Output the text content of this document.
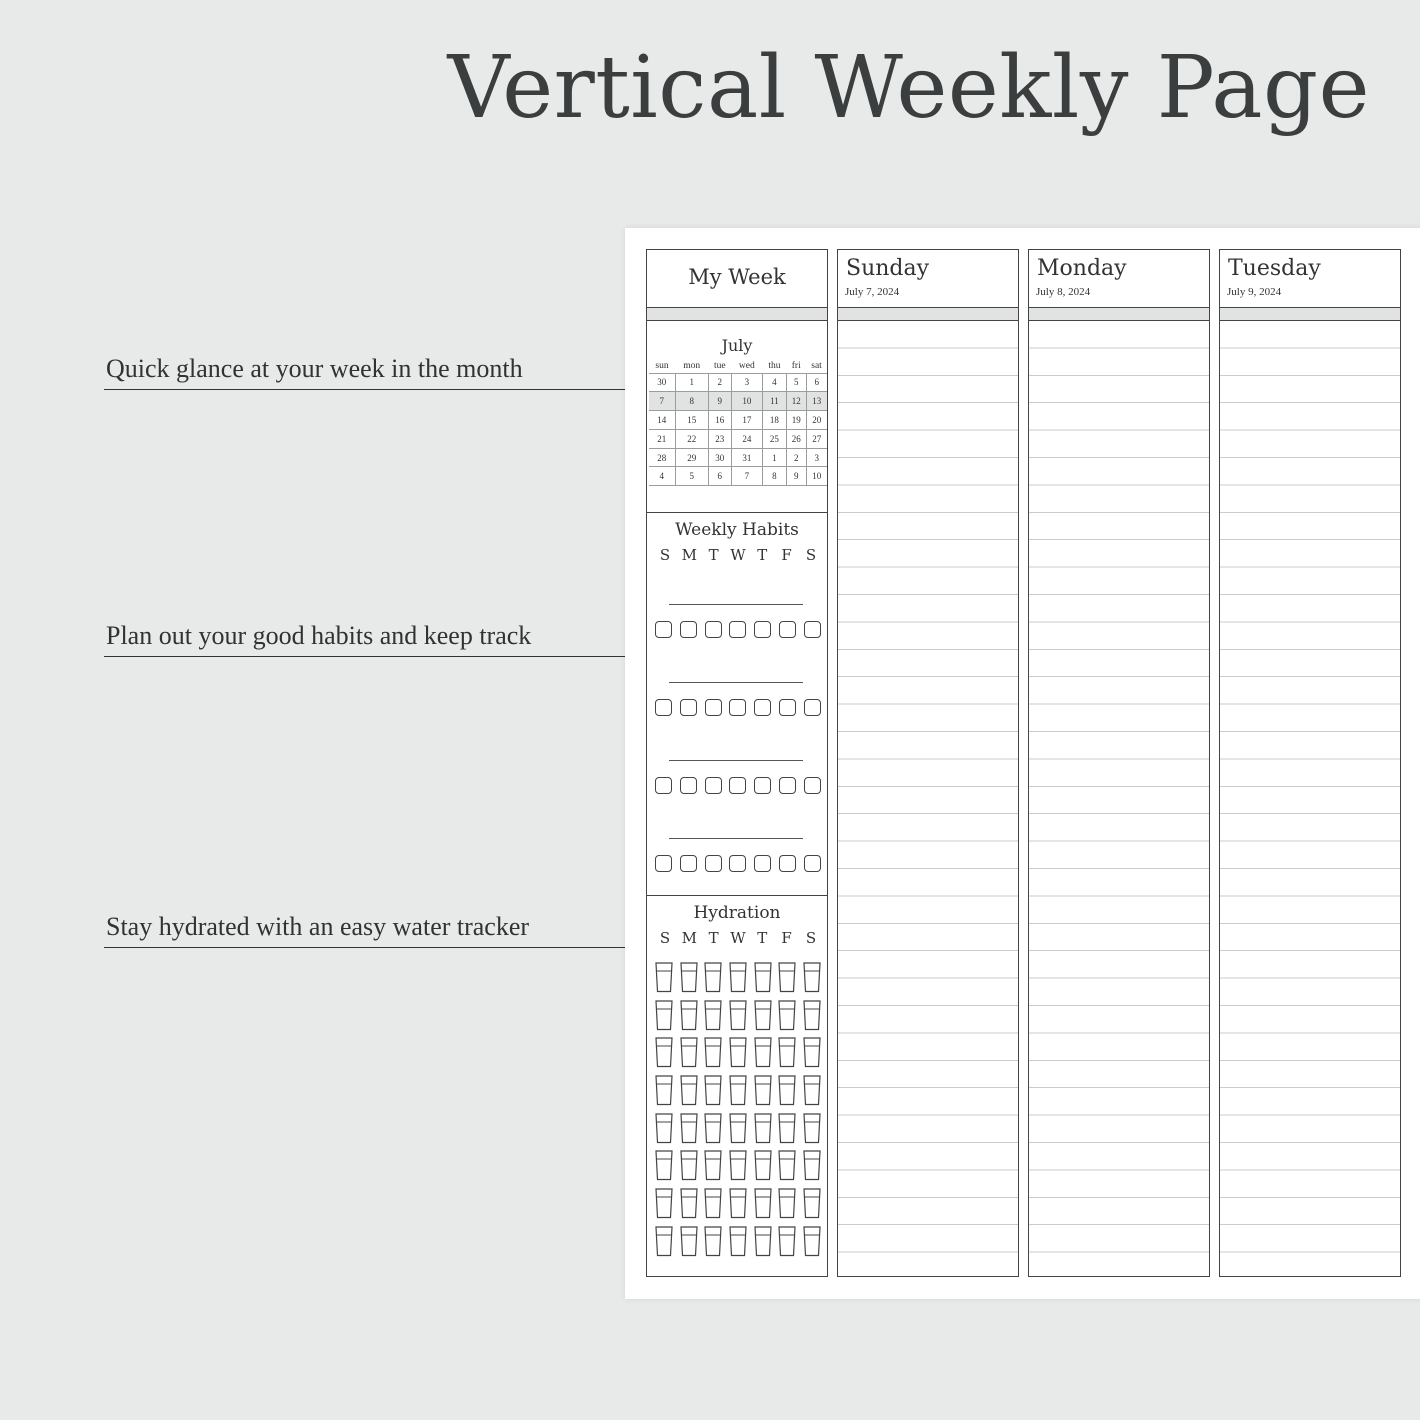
Vertical Weekly Page
Quick glance at your week in the month
Plan out your good habits and keep track
Stay hydrated with an easy water tracker
My Week
July
sun	mon	tue	wed	thu	fri	sat
30	1	2	3	4	5	6
7	8	9	10	11	12	13
14	15	16	17	18	19	20
21	22	23	24	25	26	27
28	29	30	31	1	2	3
4	5	6	7	8	9	10
Weekly Habits
S M T W T F S
Hydration
S M T W T F S
Sunday
July 7, 2024
Monday
July 8, 2024
Tuesday
July 9, 2024
